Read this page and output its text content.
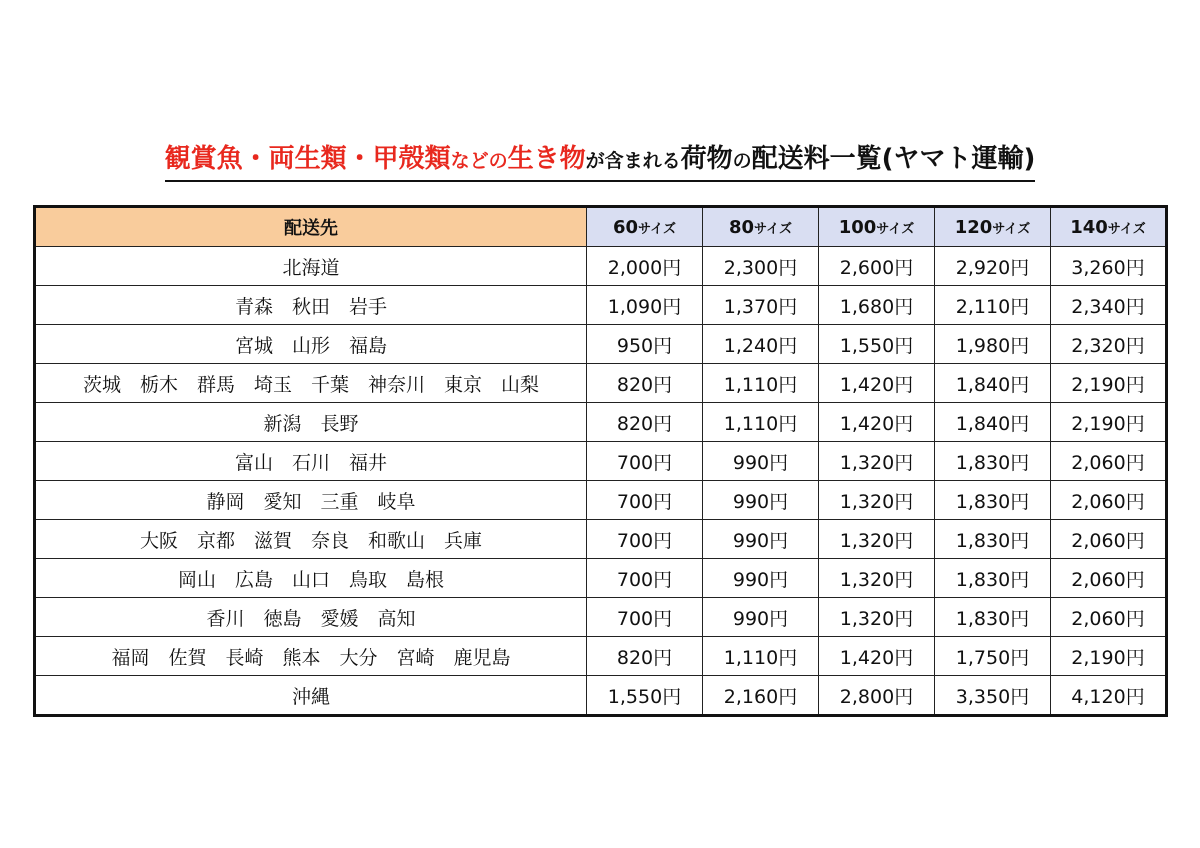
観賞魚・両生類・甲殻類などの生き物が含まれる荷物の配送料一覧(ヤマト運輸)
配送先	60サイズ	80サイズ	100サイズ	120サイズ	140サイズ
北海道	2,000円	2,300円	2,600円	2,920円	3,260円
青森　秋田　岩手	1,090円	1,370円	1,680円	2,110円	2,340円
宮城　山形　福島	950円	1,240円	1,550円	1,980円	2,320円
茨城　栃木　群馬　埼玉　千葉　神奈川　東京　山梨	820円	1,110円	1,420円	1,840円	2,190円
新潟　長野	820円	1,110円	1,420円	1,840円	2,190円
富山　石川　福井	700円	990円	1,320円	1,830円	2,060円
静岡　愛知　三重　岐阜	700円	990円	1,320円	1,830円	2,060円
大阪　京都　滋賀　奈良　和歌山　兵庫	700円	990円	1,320円	1,830円	2,060円
岡山　広島　山口　鳥取　島根	700円	990円	1,320円	1,830円	2,060円
香川　徳島　愛媛　高知	700円	990円	1,320円	1,830円	2,060円
福岡　佐賀　長崎　熊本　大分　宮崎　鹿児島	820円	1,110円	1,420円	1,750円	2,190円
沖縄	1,550円	2,160円	2,800円	3,350円	4,120円
